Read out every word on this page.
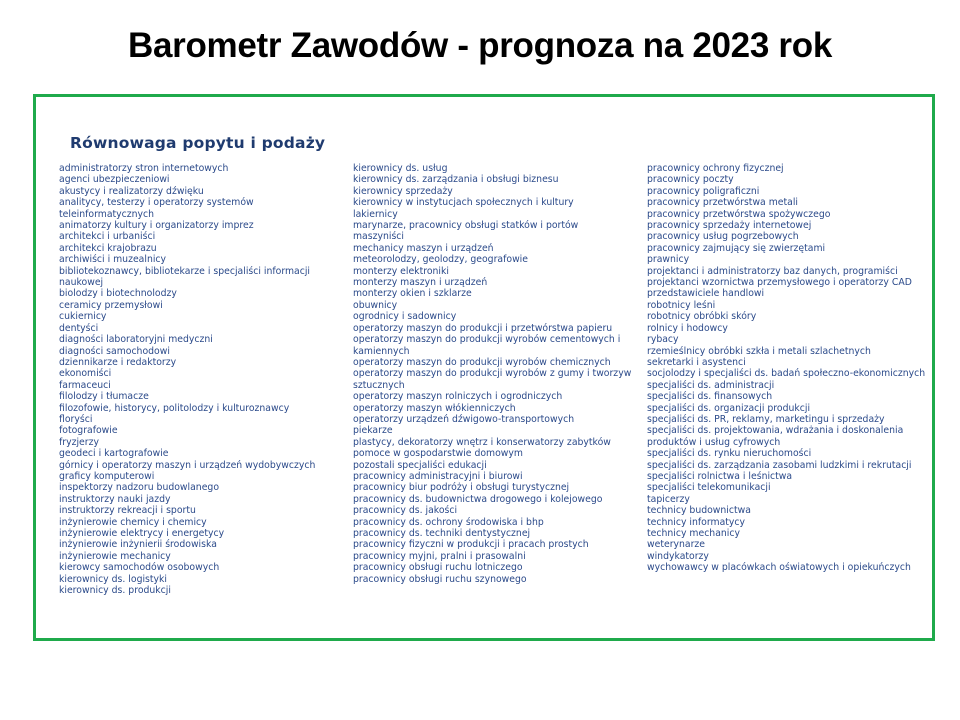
Barometr Zawodów - prognoza na 2023 rok
Równowaga popytu i podaży
administratorzy stron internetowych
agenci ubezpieczeniowi
akustycy i realizatorzy dźwięku
analitycy, testerzy i operatorzy systemów
teleinformatycznych
animatorzy kultury i organizatorzy imprez
architekci i urbaniści
architekci krajobrazu
archiwiści i muzealnicy
bibliotekoznawcy, bibliotekarze i specjaliści informacji
naukowej
biolodzy i biotechnolodzy
ceramicy przemysłowi
cukiernicy
dentyści
diagności laboratoryjni medyczni
diagności samochodowi
dziennikarze i redaktorzy
ekonomiści
farmaceuci
filolodzy i tłumacze
filozofowie, historycy, politolodzy i kulturoznawcy
floryści
fotografowie
fryzjerzy
geodeci i kartografowie
górnicy i operatorzy maszyn i urządzeń wydobywczych
graficy komputerowi
inspektorzy nadzoru budowlanego
instruktorzy nauki jazdy
instruktorzy rekreacji i sportu
inżynierowie chemicy i chemicy
inżynierowie elektrycy i energetycy
inżynierowie inżynierii środowiska
inżynierowie mechanicy
kierowcy samochodów osobowych
kierownicy ds. logistyki
kierownicy ds. produkcji
kierownicy ds. usług
kierownicy ds. zarządzania i obsługi biznesu
kierownicy sprzedaży
kierownicy w instytucjach społecznych i kultury
lakiernicy
marynarze, pracownicy obsługi statków i portów
maszyniści
mechanicy maszyn i urządzeń
meteorolodzy, geolodzy, geografowie
monterzy elektroniki
monterzy maszyn i urządzeń
monterzy okien i szklarze
obuwnicy
ogrodnicy i sadownicy
operatorzy maszyn do produkcji i przetwórstwa papieru
operatorzy maszyn do produkcji wyrobów cementowych i
kamiennych
operatorzy maszyn do produkcji wyrobów chemicznych
operatorzy maszyn do produkcji wyrobów z gumy i tworzyw
sztucznych
operatorzy maszyn rolniczych i ogrodniczych
operatorzy maszyn włókienniczych
operatorzy urządzeń dźwigowo-transportowych
piekarze
plastycy, dekoratorzy wnętrz i konserwatorzy zabytków
pomoce w gospodarstwie domowym
pozostali specjaliści edukacji
pracownicy administracyjni i biurowi
pracownicy biur podróży i obsługi turystycznej
pracownicy ds. budownictwa drogowego i kolejowego
pracownicy ds. jakości
pracownicy ds. ochrony środowiska i bhp
pracownicy ds. techniki dentystycznej
pracownicy fizyczni w produkcji i pracach prostych
pracownicy myjni, pralni i prasowalni
pracownicy obsługi ruchu lotniczego
pracownicy obsługi ruchu szynowego
pracownicy ochrony fizycznej
pracownicy poczty
pracownicy poligraficzni
pracownicy przetwórstwa metali
pracownicy przetwórstwa spożywczego
pracownicy sprzedaży internetowej
pracownicy usług pogrzebowych
pracownicy zajmujący się zwierzętami
prawnicy
projektanci i administratorzy baz danych, programiści
projektanci wzornictwa przemysłowego i operatorzy CAD
przedstawiciele handlowi
robotnicy leśni
robotnicy obróbki skóry
rolnicy i hodowcy
rybacy
rzemieślnicy obróbki szkła i metali szlachetnych
sekretarki i asystenci
socjolodzy i specjaliści ds. badań społeczno-ekonomicznych
specjaliści ds. administracji
specjaliści ds. finansowych
specjaliści ds. organizacji produkcji
specjaliści ds. PR, reklamy, marketingu i sprzedaży
specjaliści ds. projektowania, wdrażania i doskonalenia
produktów i usług cyfrowych
specjaliści ds. rynku nieruchomości
specjaliści ds. zarządzania zasobami ludzkimi i rekrutacji
specjaliści rolnictwa i leśnictwa
specjaliści telekomunikacji
tapicerzy
technicy budownictwa
technicy informatycy
technicy mechanicy
weterynarze
windykatorzy
wychowawcy w placówkach oświatowych i opiekuńczych
